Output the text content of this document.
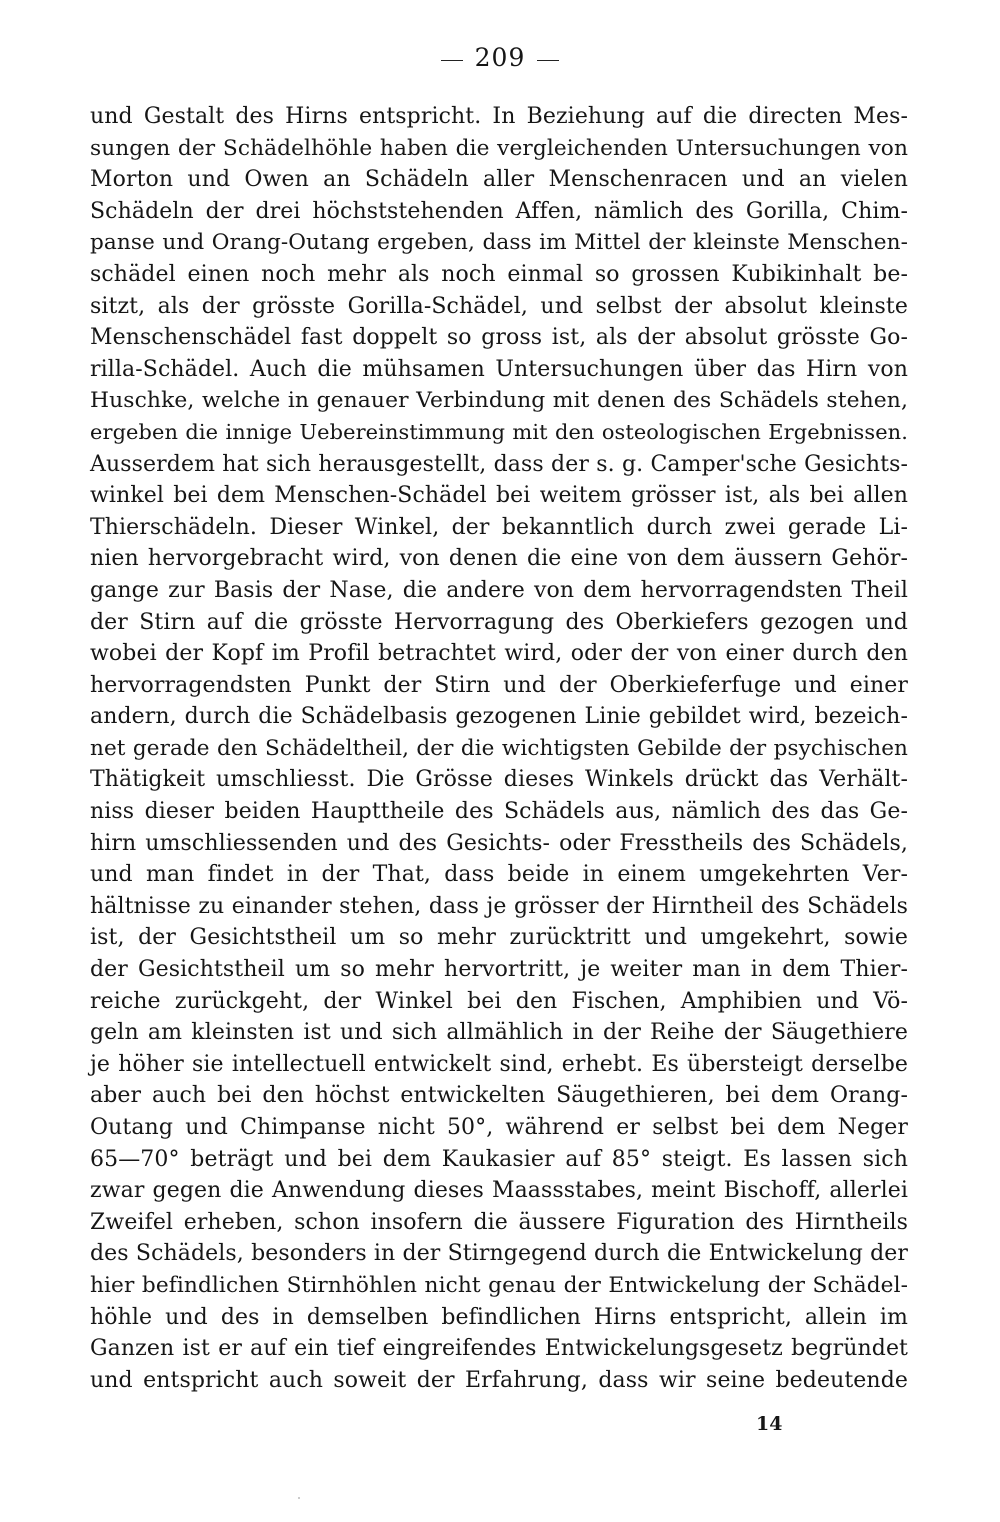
209
und Gestalt des Hirns entspricht. In Beziehung auf die directen Mes-
sungen der Schädelhöhle haben die vergleichenden Untersuchungen von
Morton und Owen an Schädeln aller Menschenracen und an vielen
Schädeln der drei höchststehenden Affen, nämlich des Gorilla, Chim-
panse und Orang-Outang ergeben, dass im Mittel der kleinste Menschen-
schädel einen noch mehr als noch einmal so grossen Kubikinhalt be-
sitzt, als der grösste Gorilla-Schädel, und selbst der absolut kleinste
Menschenschädel fast doppelt so gross ist, als der absolut grösste Go-
rilla-Schädel. Auch die mühsamen Untersuchungen über das Hirn von
Huschke, welche in genauer Verbindung mit denen des Schädels stehen,
ergeben die innige Uebereinstimmung mit den osteologischen Ergebnissen.
Ausserdem hat sich herausgestellt, dass der s. g. Camper'sche Gesichts-
winkel bei dem Menschen-Schädel bei weitem grösser ist, als bei allen
Thierschädeln. Dieser Winkel, der bekanntlich durch zwei gerade Li-
nien hervorgebracht wird, von denen die eine von dem äussern Gehör-
gange zur Basis der Nase, die andere von dem hervorragendsten Theil
der Stirn auf die grösste Hervorragung des Oberkiefers gezogen und
wobei der Kopf im Profil betrachtet wird, oder der von einer durch den
hervorragendsten Punkt der Stirn und der Oberkieferfuge und einer
andern, durch die Schädelbasis gezogenen Linie gebildet wird, bezeich-
net gerade den Schädeltheil, der die wichtigsten Gebilde der psychischen
Thätigkeit umschliesst. Die Grösse dieses Winkels drückt das Verhält-
niss dieser beiden Haupttheile des Schädels aus, nämlich des das Ge-
hirn umschliessenden und des Gesichts- oder Fresstheils des Schädels,
und man findet in der That, dass beide in einem umgekehrten Ver-
hältnisse zu einander stehen, dass je grösser der Hirntheil des Schädels
ist, der Gesichtstheil um so mehr zurücktritt und umgekehrt, sowie
der Gesichtstheil um so mehr hervortritt, je weiter man in dem Thier-
reiche zurückgeht, der Winkel bei den Fischen, Amphibien und Vö-
geln am kleinsten ist und sich allmählich in der Reihe der Säugethiere
je höher sie intellectuell entwickelt sind, erhebt. Es übersteigt derselbe
aber auch bei den höchst entwickelten Säugethieren, bei dem Orang-
Outang und Chimpanse nicht 50°, während er selbst bei dem Neger
65—70° beträgt und bei dem Kaukasier auf 85° steigt. Es lassen sich
zwar gegen die Anwendung dieses Maassstabes, meint Bischoff, allerlei
Zweifel erheben, schon insofern die äussere Figuration des Hirntheils
des Schädels, besonders in der Stirngegend durch die Entwickelung der
hier befindlichen Stirnhöhlen nicht genau der Entwickelung der Schädel-
höhle und des in demselben befindlichen Hirns entspricht, allein im
Ganzen ist er auf ein tief eingreifendes Entwickelungsgesetz begründet
und entspricht auch soweit der Erfahrung, dass wir seine bedeutende
14
